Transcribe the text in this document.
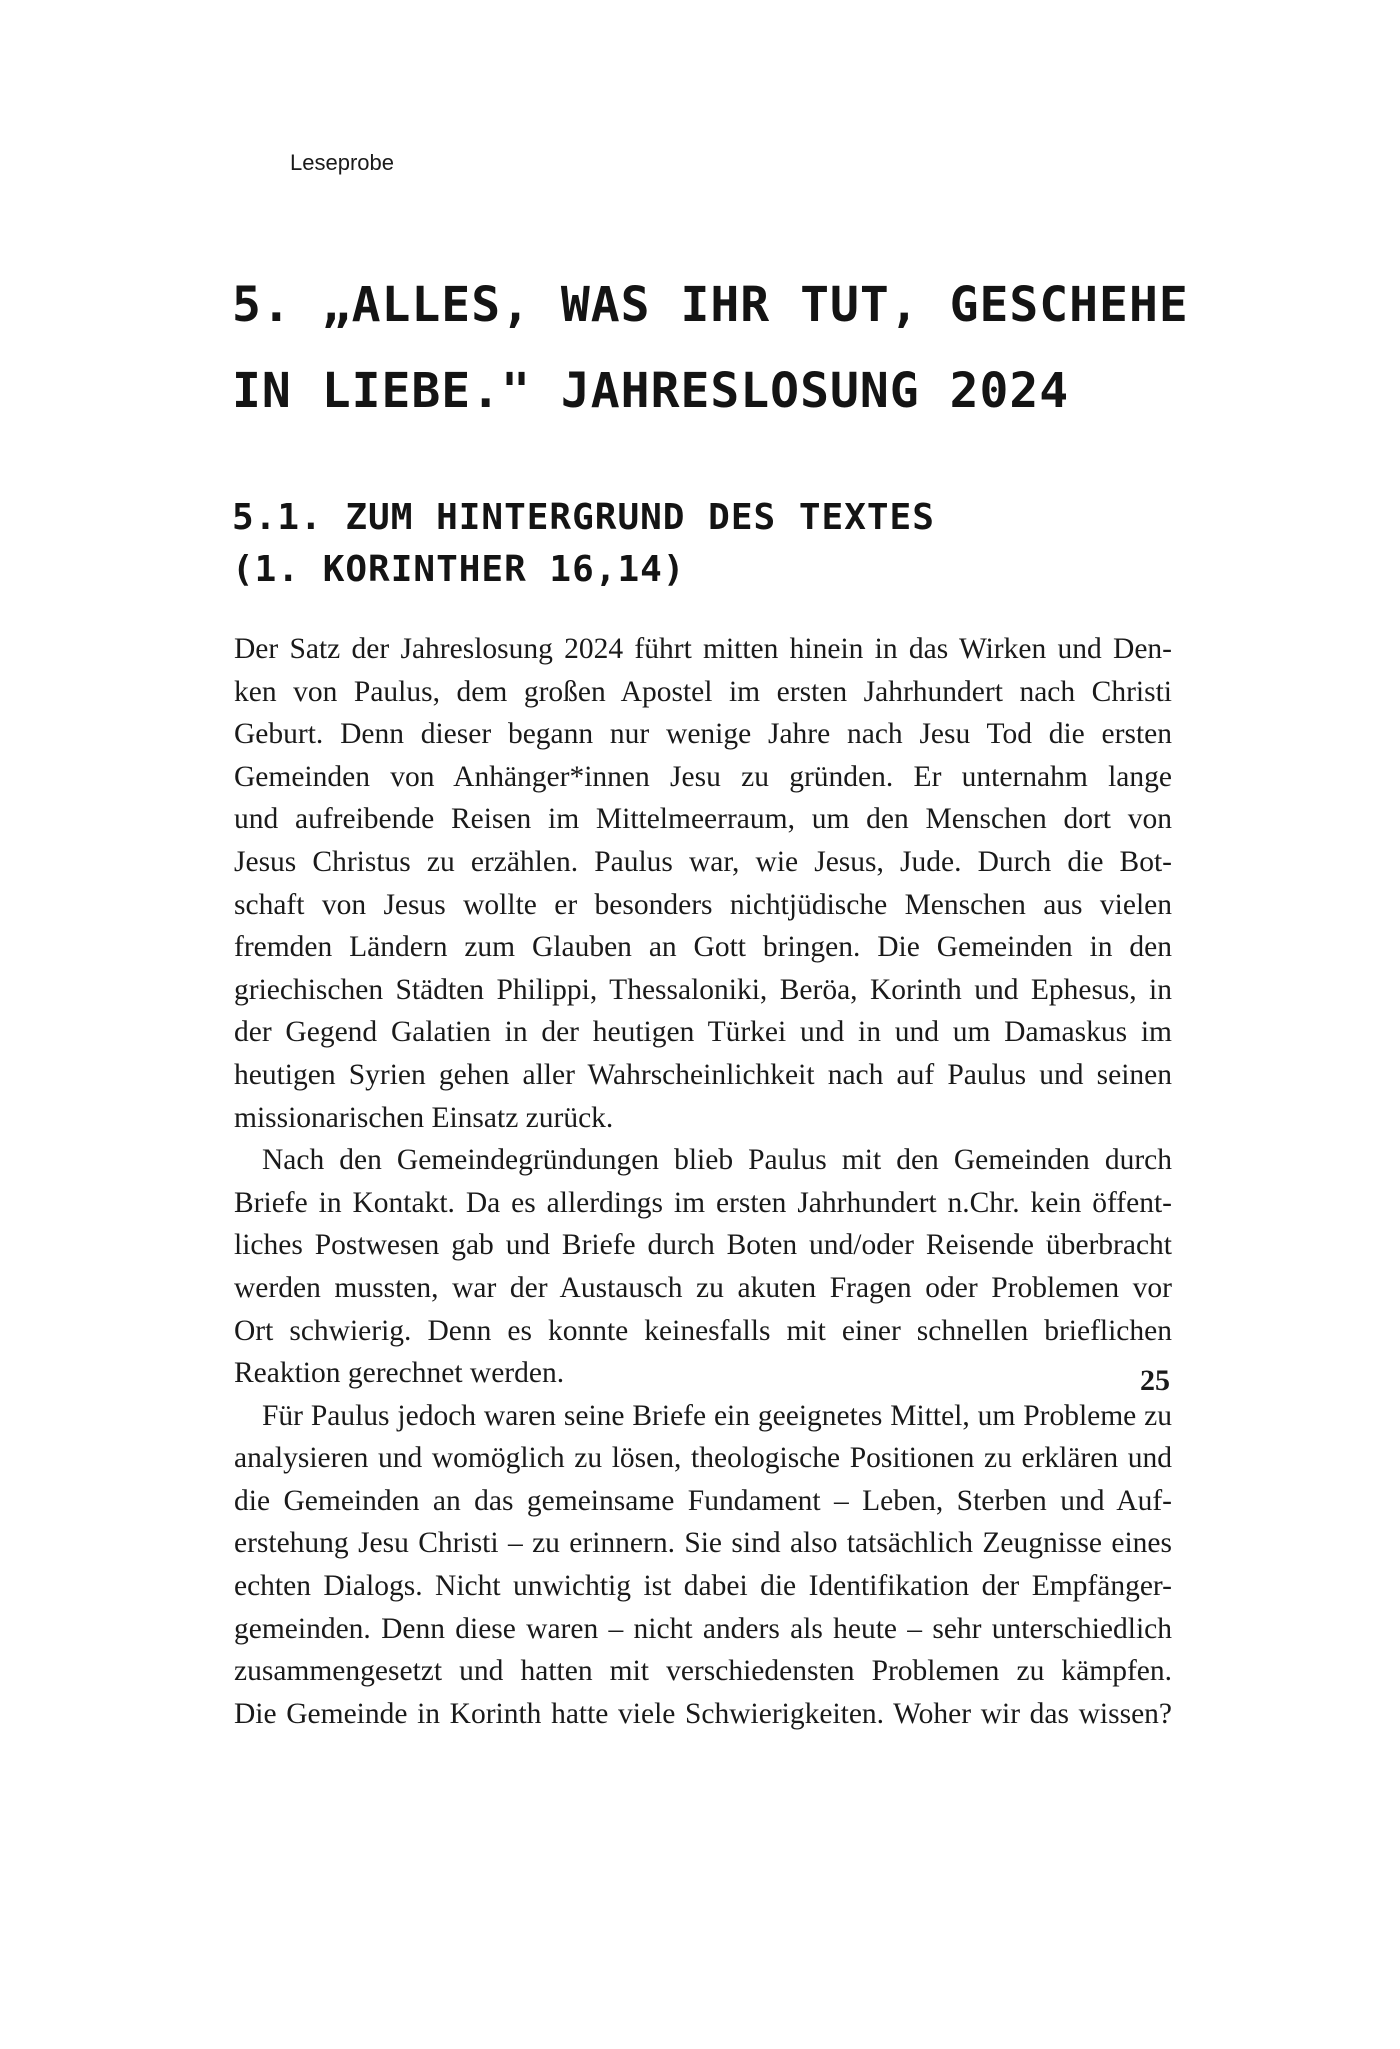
Leseprobe
5. „ALLES, WAS IHR TUT, GESCHEHE
IN LIEBE." JAHRESLOSUNG 2024
5.1. ZUM HINTERGRUND DES TEXTES
(1. KORINTHER 16,14)

Der Satz der Jahreslosung 2024 führt mitten hinein in das Wirken und Den-
ken von Paulus, dem großen Apostel im ersten Jahrhundert nach Christi
Geburt. Denn dieser begann nur wenige Jahre nach Jesu Tod die ersten
Gemeinden von Anhänger*innen Jesu zu gründen. Er unternahm lange
und aufreibende Reisen im Mittelmeerraum, um den Menschen dort von
Jesus Christus zu erzählen. Paulus war, wie Jesus, Jude. Durch die Bot-
schaft von Jesus wollte er besonders nichtjüdische Menschen aus vielen
fremden Ländern zum Glauben an Gott bringen. Die Gemeinden in den
griechischen Städten Philippi, Thessaloniki, Beröa, Korinth und Ephesus, in
der Gegend Galatien in der heutigen Türkei und in und um Damaskus im
heutigen Syrien gehen aller Wahrscheinlichkeit nach auf Paulus und seinen
missionarischen Einsatz zurück.

Nach den Gemeindegründungen blieb Paulus mit den Gemeinden durch
Briefe in Kontakt. Da es allerdings im ersten Jahrhundert n.Chr. kein öffent-
liches Postwesen gab und Briefe durch Boten und/oder Reisende überbracht
werden mussten, war der Austausch zu akuten Fragen oder Problemen vor
Ort schwierig. Denn es konnte keinesfalls mit einer schnellen brieflichen
Reaktion gerechnet werden.

Für Paulus jedoch waren seine Briefe ein geeignetes Mittel, um Probleme zu
analysieren und womöglich zu lösen, theologische Positionen zu erklären und
die Gemeinden an das gemeinsame Fundament – Leben, Sterben und Auf-
erstehung Jesu Christi – zu erinnern. Sie sind also tatsächlich Zeugnisse eines
echten Dialogs. Nicht unwichtig ist dabei die Identifikation der Empfänger-
gemeinden. Denn diese waren – nicht anders als heute – sehr unterschiedlich
zusammengesetzt und hatten mit verschiedensten Problemen zu kämpfen.
Die Gemeinde in Korinth hatte viele Schwierigkeiten. Woher wir das wissen?

25
